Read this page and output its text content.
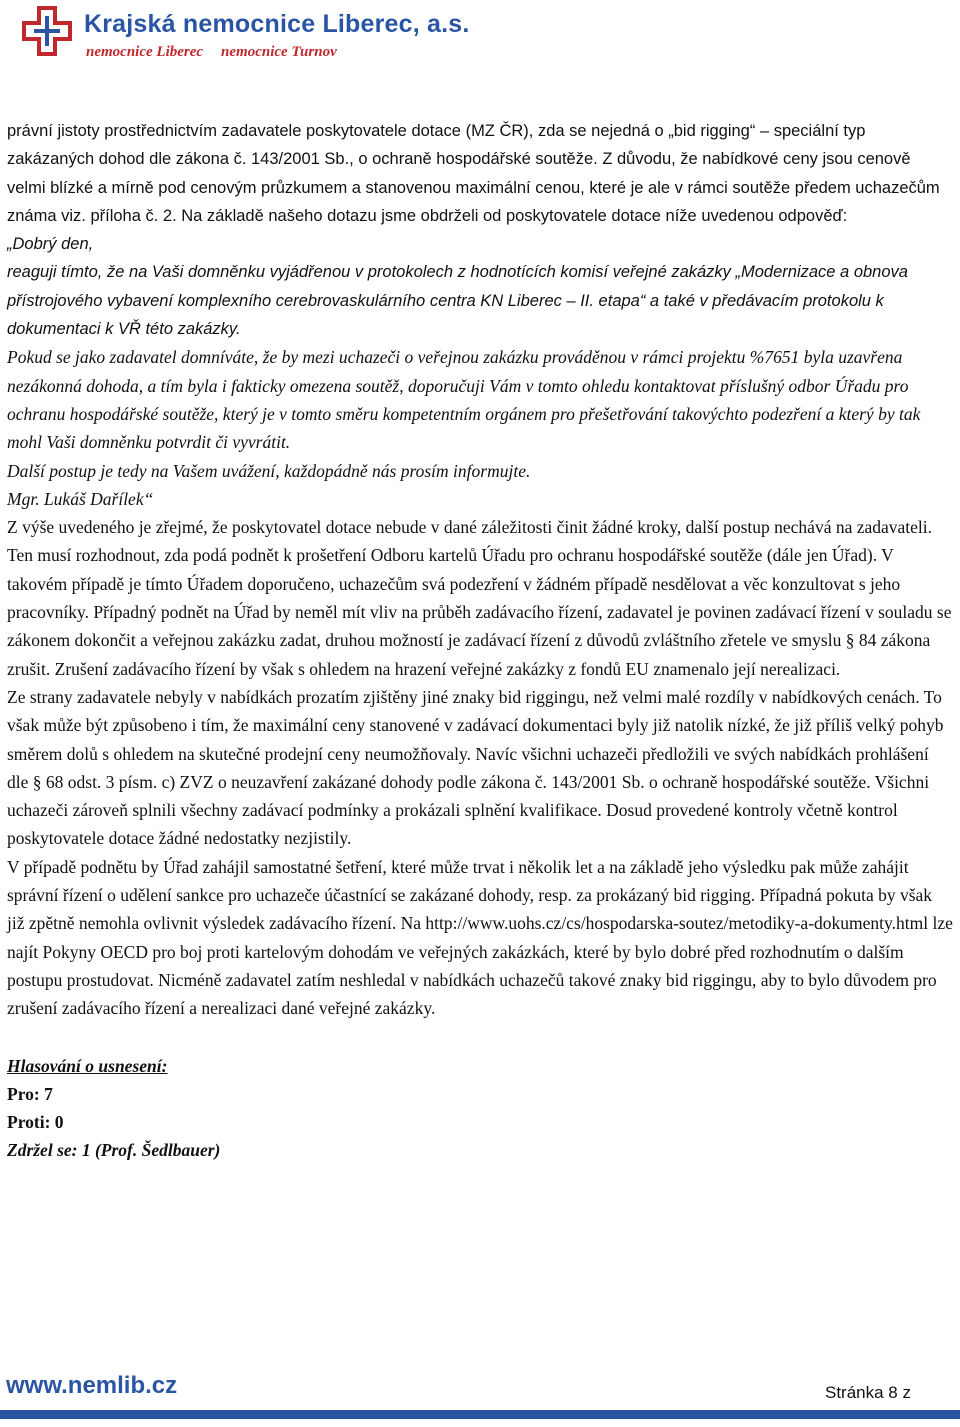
Krajská nemocnice Liberec, a.s.
nemocnice Liberec nemocnice Turnov

právní jistoty prostřednictvím zadavatele poskytovatele dotace (MZ ČR), zda se nejedná o „bid rigging“ – speciální typ zakázaných dohod dle zákona č. 143/2001 Sb., o ochraně hospodářské soutěže. Z důvodu, že nabídkové ceny jsou cenově velmi blízké a mírně pod cenovým průzkumem a stanovenou maximální cenou, které je ale v rámci soutěže předem uchazečům známa viz. příloha č. 2. Na základě našeho dotazu jsme obdrželi od poskytovatele dotace níže uvedenou odpověď:

„Dobrý den,

reaguji tímto, že na Vaši domněnku vyjádřenou v protokolech z hodnotících komisí veřejné zakázky „Modernizace a obnova přístrojového vybavení komplexního cerebrovaskulárního centra KN Liberec – II. etapa“ a také v předávacím protokolu k dokumentaci k VŘ této zakázky.

Pokud se jako zadavatel domníváte, že by mezi uchazeči o veřejnou zakázku prováděnou v rámci projektu %7651 byla uzavřena nezákonná dohoda, a tím byla i fakticky omezena soutěž, doporučuji Vám v tomto ohledu kontaktovat příslušný odbor Úřadu pro ochranu hospodářské soutěže, který je v tomto směru kompetentním orgánem pro přešetřování takovýchto podezření a který by tak mohl Vaši domněnku potvrdit či vyvrátit.

Další postup je tedy na Vašem uvážení, každopádně nás prosím informujte.

Mgr. Lukáš Dařílek“

Z výše uvedeného je zřejmé, že poskytovatel dotace nebude v dané záležitosti činit žádné kroky, další postup nechává na zadavateli. Ten musí rozhodnout, zda podá podnět k prošetření Odboru kartelů Úřadu pro ochranu hospodářské soutěže (dále jen Úřad). V takovém případě je tímto Úřadem doporučeno, uchazečům svá podezření v žádném případě nesdělovat a věc konzultovat s jeho pracovníky. Případný podnět na Úřad by neměl mít vliv na průběh zadávacího řízení, zadavatel je povinen zadávací řízení v souladu se zákonem dokončit a veřejnou zakázku zadat, druhou možností je zadávací řízení z důvodů zvláštního zřetele ve smyslu § 84 zákona zrušit. Zrušení zadávacího řízení by však s ohledem na hrazení veřejné zakázky z fondů EU znamenalo její nerealizaci.

Ze strany zadavatele nebyly v nabídkách prozatím zjištěny jiné znaky bid riggingu, než velmi malé rozdíly v nabídkových cenách. To však může být způsobeno i tím, že maximální ceny stanovené v zadávací dokumentaci byly již natolik nízké, že již příliš velký pohyb směrem dolů s ohledem na skutečné prodejní ceny neumožňovaly. Navíc všichni uchazeči předložili ve svých nabídkách prohlášení dle § 68 odst. 3 písm. c) ZVZ o neuzavření zakázané dohody podle zákona č. 143/2001 Sb. o ochraně hospodářské soutěže. Všichni uchazeči zároveň splnili všechny zadávací podmínky a prokázali splnění kvalifikace. Dosud provedené kontroly včetně kontrol poskytovatele dotace žádné nedostatky nezjistily.

V případě podnětu by Úřad zahájil samostatné šetření, které může trvat i několik let a na základě jeho výsledku pak může zahájit správní řízení o udělení sankce pro uchazeče účastnící se zakázané dohody, resp. za prokázaný bid rigging. Případná pokuta by však již zpětně nemohla ovlivnit výsledek zadávacího řízení. Na http://www.uohs.cz/cs/hospodarska-soutez/metodiky-a-dokumenty.html lze najít Pokyny OECD pro boj proti kartelovým dohodám ve veřejných zakázkách, které by bylo dobré před rozhodnutím o dalším postupu prostudovat. Nicméně zadavatel zatím neshledal v nabídkách uchazečů takové znaky bid riggingu, aby to bylo důvodem pro zrušení zadávacího řízení a nerealizaci dané veřejné zakázky.

Hlasování o usnesení:

Pro: 7

Proti: 0

Zdržel se: 1 (Prof. Šedlbauer)

www.nemlib.cz	Stránka 8 z
